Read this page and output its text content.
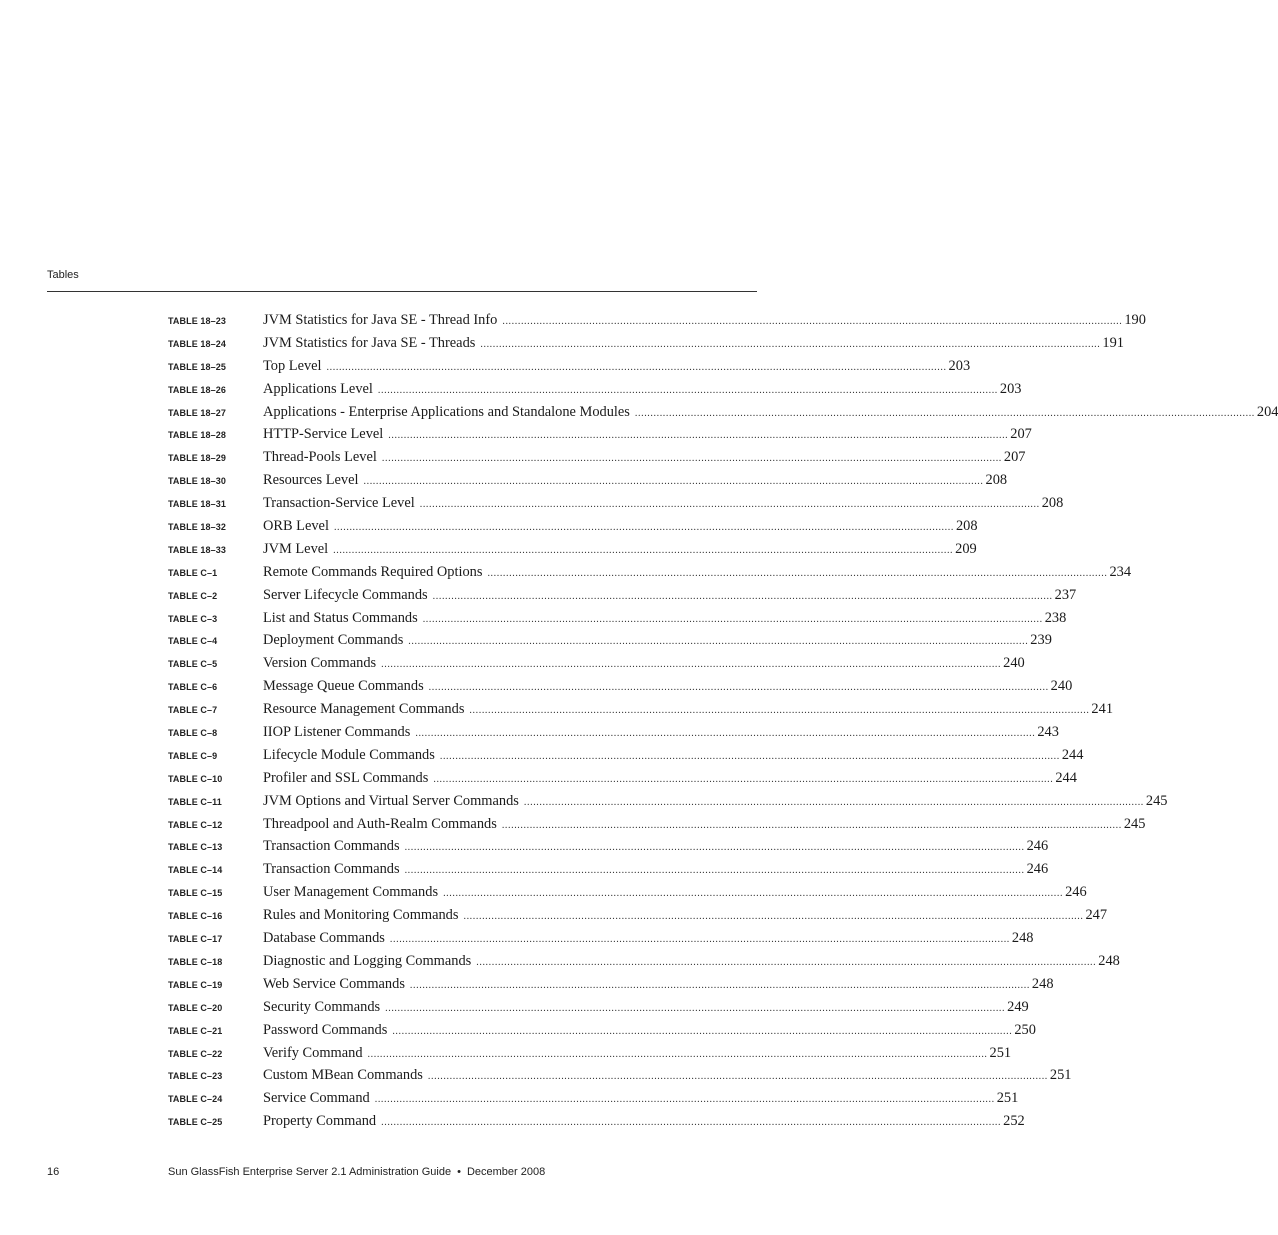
Tables
TABLE 18–23	JVM Statistics for Java SE - Thread Info ........................................................................................................................................................................................................ 190
TABLE 18–24	JVM Statistics for Java SE - Threads ........................................................................................................................................................................................................ 191
TABLE 18–25	Top Level ........................................................................................................................................................................................................ 203
TABLE 18–26	Applications Level ........................................................................................................................................................................................................ 203
TABLE 18–27	Applications - Enterprise Applications and Standalone Modules ........................................................................................................................................................................................................ 204
TABLE 18–28	HTTP-Service Level ........................................................................................................................................................................................................ 207
TABLE 18–29	Thread-Pools Level ........................................................................................................................................................................................................ 207
TABLE 18–30	Resources Level ........................................................................................................................................................................................................ 208
TABLE 18–31	Transaction-Service Level ........................................................................................................................................................................................................ 208
TABLE 18–32	ORB Level ........................................................................................................................................................................................................ 208
TABLE 18–33	JVM Level ........................................................................................................................................................................................................ 209
TABLE C–1	Remote Commands Required Options ........................................................................................................................................................................................................ 234
TABLE C–2	Server Lifecycle Commands ........................................................................................................................................................................................................ 237
TABLE C–3	List and Status Commands ........................................................................................................................................................................................................ 238
TABLE C–4	Deployment Commands ........................................................................................................................................................................................................ 239
TABLE C–5	Version Commands ........................................................................................................................................................................................................ 240
TABLE C–6	Message Queue Commands ........................................................................................................................................................................................................ 240
TABLE C–7	Resource Management Commands ........................................................................................................................................................................................................ 241
TABLE C–8	IIOP Listener Commands ........................................................................................................................................................................................................ 243
TABLE C–9	Lifecycle Module Commands ........................................................................................................................................................................................................ 244
TABLE C–10	Profiler and SSL Commands ........................................................................................................................................................................................................ 244
TABLE C–11	JVM Options and Virtual Server Commands ........................................................................................................................................................................................................ 245
TABLE C–12	Threadpool and Auth-Realm Commands ........................................................................................................................................................................................................ 245
TABLE C–13	Transaction Commands ........................................................................................................................................................................................................ 246
TABLE C–14	Transaction Commands ........................................................................................................................................................................................................ 246
TABLE C–15	User Management Commands ........................................................................................................................................................................................................ 246
TABLE C–16	Rules and Monitoring Commands ........................................................................................................................................................................................................ 247
TABLE C–17	Database Commands ........................................................................................................................................................................................................ 248
TABLE C–18	Diagnostic and Logging Commands ........................................................................................................................................................................................................ 248
TABLE C–19	Web Service Commands ........................................................................................................................................................................................................ 248
TABLE C–20	Security Commands ........................................................................................................................................................................................................ 249
TABLE C–21	Password Commands ........................................................................................................................................................................................................ 250
TABLE C–22	Verify Command ........................................................................................................................................................................................................ 251
TABLE C–23	Custom MBean Commands ........................................................................................................................................................................................................ 251
TABLE C–24	Service Command ........................................................................................................................................................................................................ 251
TABLE C–25	Property Command ........................................................................................................................................................................................................ 252
16	Sun GlassFish Enterprise Server 2.1 Administration Guide • December 2008
